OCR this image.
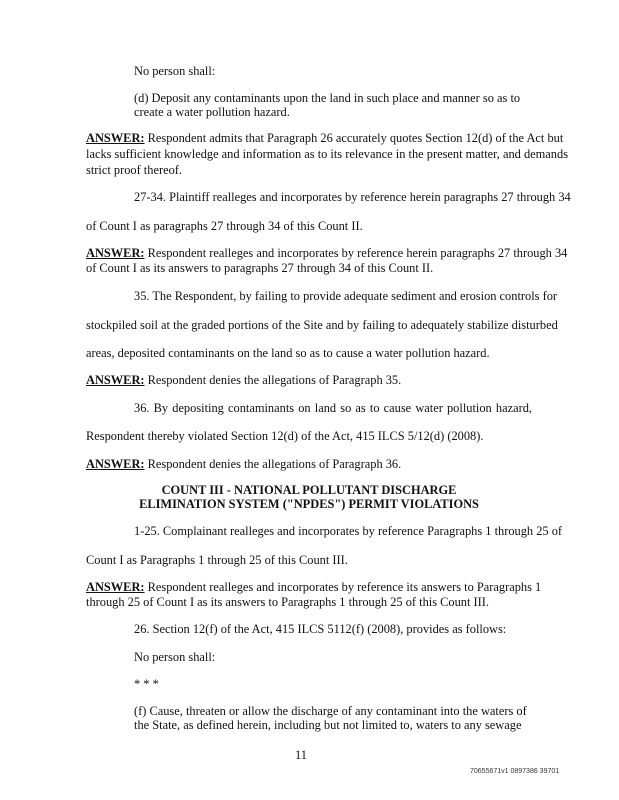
No person shall:
(d) Deposit any contaminants upon the land in such place and manner so as to
create a water pollution hazard.
ANSWER: Respondent admits that Paragraph 26 accurately quotes Section 12(d) of the Act but
lacks sufficient knowledge and information as to its relevance in the present matter, and demands
strict proof thereof.
27-34. Plaintiff realleges and incorporates by reference herein paragraphs 27 through 34
of Count I as paragraphs 27 through 34 of this Count II.
ANSWER: Respondent realleges and incorporates by reference herein paragraphs 27 through 34
of Count I as its answers to paragraphs 27 through 34 of this Count II.
35. The Respondent, by failing to provide adequate sediment and erosion controls for
stockpiled soil at the graded portions of the Site and by failing to adequately stabilize disturbed
areas, deposited contaminants on the land so as to cause a water pollution hazard.
ANSWER: Respondent denies the allegations of Paragraph 35.
36. By depositing contaminants on land so as to cause water pollution hazard,
Respondent thereby violated Section 12(d) of the Act, 415 ILCS 5/12(d) (2008).
ANSWER: Respondent denies the allegations of Paragraph 36.
COUNT III - NATIONAL POLLUTANT DISCHARGE
ELIMINATION SYSTEM ("NPDES") PERMIT VIOLATIONS
1-25. Complainant realleges and incorporates by reference Paragraphs 1 through 25 of
Count I as Paragraphs 1 through 25 of this Count III.
ANSWER: Respondent realleges and incorporates by reference its answers to Paragraphs 1
through 25 of Count I as its answers to Paragraphs 1 through 25 of this Count III.
26. Section 12(f) of the Act, 415 ILCS 5112(f) (2008), provides as follows:
No person shall:
* * *
(f) Cause, threaten or allow the discharge of any contaminant into the waters of
the State, as defined herein, including but not limited to, waters to any sewage
11
70655671v1 0897386 39701
